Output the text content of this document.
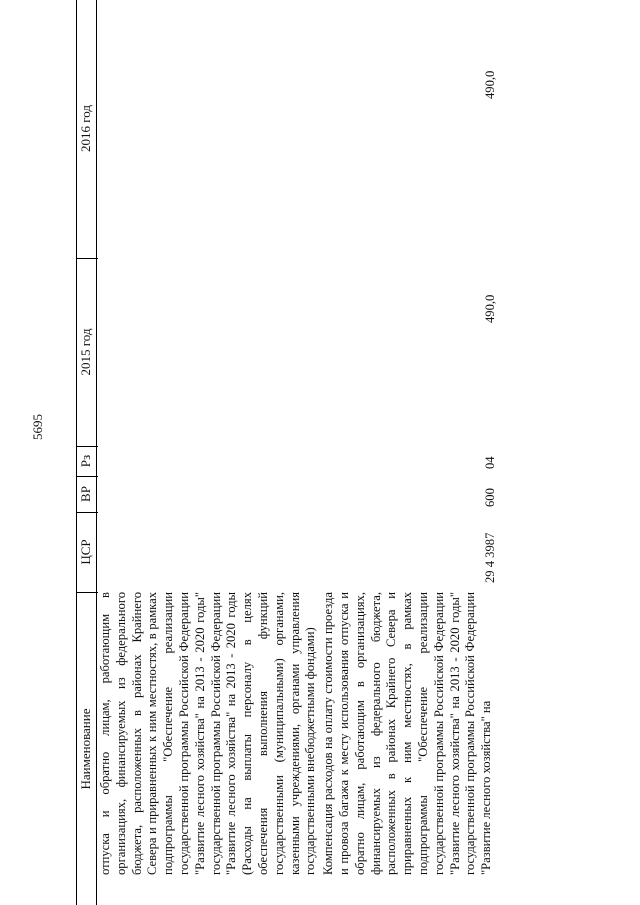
5695
Наименование
ЦСР
ВР
Рз
2015 год
2016 год

отпуска и обратно лицам, работающим в организациях, финансируемых из федерального бюджета, расположенных в районах Крайнего Севера и приравненных к ним местностях, в рамках подпрограммы "Обеспечение реализации государственной программы Российской Федерации "Развитие лесного хозяйства" на 2013 - 2020 годы" государственной программы Российской Федерации "Развитие лесного хозяйства" на 2013 - 2020 годы (Расходы на выплаты персоналу в целях обеспечения выполнения функций государственными (муниципальными) органами, казенными учреждениями, органами управления государственными внебюджетными фондами) Компенсация расходов на оплату стоимости проезда и провоза багажа к месту использования отпуска и обратно лицам, работающим в организациях, финансируемых из федерального бюджета, расположенных в районах Крайнего Севера и приравненных к ним местностях, в рамках подпрограммы "Обеспечение реализации государственной программы Российской Федерации "Развитие лесного хозяйства" на 2013 - 2020 годы" государственной программы Российской Федерации "Развитие лесного хозяйства" на

29 4 3987
600
04
490,0
490,0
